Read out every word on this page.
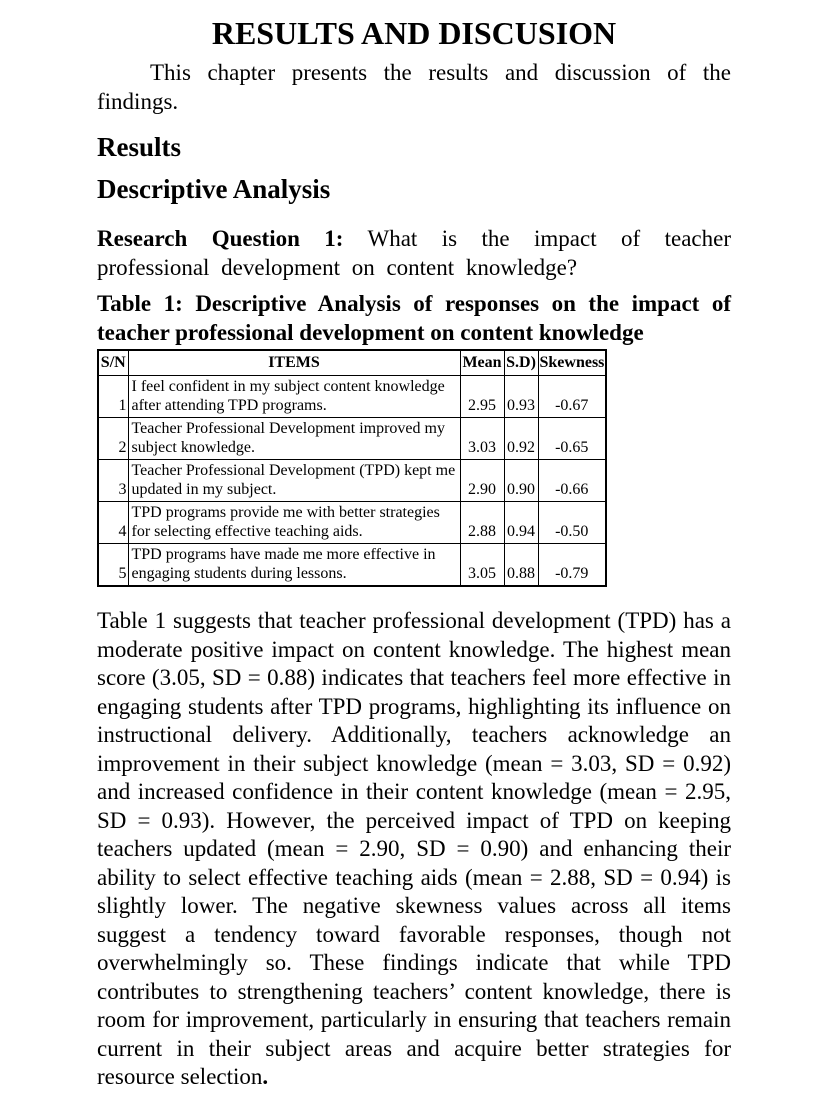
RESULTS AND DISCUSION

This chapter presents the results and discussion of the findings.

Results
Descriptive Analysis

Research Question 1: What is the impact of teacher professional development on content knowledge?

Table 1: Descriptive Analysis of responses on the impact of teacher professional development on content knowledge

S/N	ITEMS	Mean	S.D)	Skewness
1	I feel confident in my subject content knowledge after attending TPD programs.	2.95	0.93	-0.67
2	Teacher Professional Development improved my subject knowledge.	3.03	0.92	-0.65
3	Teacher Professional Development (TPD) kept me updated in my subject.	2.90	0.90	-0.66
4	TPD programs provide me with better strategies for selecting effective teaching aids.	2.88	0.94	-0.50
5	TPD programs have made me more effective in engaging students during lessons.	3.05	0.88	-0.79

Table 1 suggests that teacher professional development (TPD) has a moderate positive impact on content knowledge. The highest mean score (3.05, SD = 0.88) indicates that teachers feel more effective in engaging students after TPD programs, highlighting its influence on instructional delivery. Additionally, teachers acknowledge an improvement in their subject knowledge (mean = 3.03, SD = 0.92) and increased confidence in their content knowledge (mean = 2.95, SD = 0.93). However, the perceived impact of TPD on keeping teachers updated (mean = 2.90, SD = 0.90) and enhancing their ability to select effective teaching aids (mean = 2.88, SD = 0.94) is slightly lower. The negative skewness values across all items suggest a tendency toward favorable responses, though not overwhelmingly so. These findings indicate that while TPD contributes to strengthening teachers’ content knowledge, there is room for improvement, particularly in ensuring that teachers remain current in their subject areas and acquire better strategies for resource selection.
